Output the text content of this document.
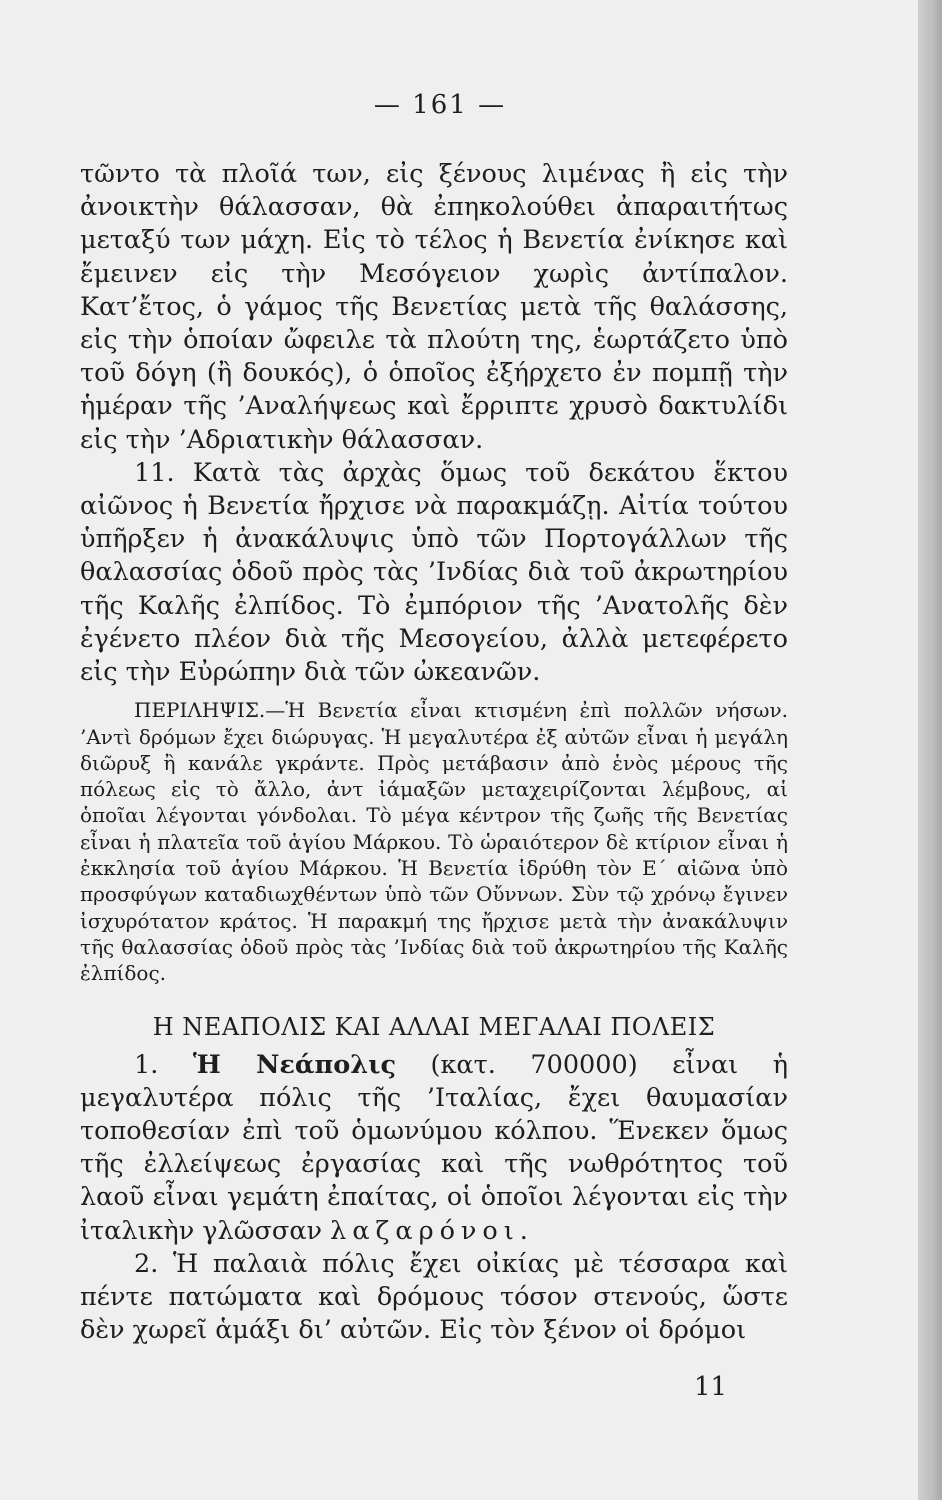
— 161 —

τῶντο τὰ πλοῖά των, εἰς ξένους λιμένας ἢ εἰς τὴν ἀνοικτὴν θάλασσαν, θὰ ἐπηκολούθει ἀπαραιτήτως μεταξύ των μάχη. Εἰς τὸ τέλος ἡ Βενετία ἐνίκησε καὶ ἔμεινεν εἰς τὴν Μεσόγειον χωρὶς ἀντίπαλον. Κατ’ἔτος, ὁ γάμος τῆς Βενετίας μετὰ τῆς θαλάσσης, εἰς τὴν ὁποίαν ὤφειλε τὰ πλούτη της, ἑωρτάζετο ὑπὸ τοῦ δόγη (ἢ δουκός), ὁ ὁποῖος ἐξήρχετο ἐν πομπῇ τὴν ἡμέραν τῆς ’Αναλήψεως καὶ ἔρριπτε χρυσὸ δακτυλίδι εἰς τὴν ’Αδριατικὴν θάλασσαν.

11. Κατὰ τὰς ἀρχὰς ὅμως τοῦ δεκάτου ἕκτου αἰῶνος ἡ Βενετία ἤρχισε νὰ παρακμάζῃ. Αἰτία τούτου ὑπῆρξεν ἡ ἀνακάλυψις ὑπὸ τῶν Πορτογάλλων τῆς θαλασσίας ὁδοῦ πρὸς τὰς ’Ινδίας διὰ τοῦ ἀκρωτηρίου τῆς Καλῆς ἐλπίδος. Τὸ ἐμπόριον τῆς ’Ανατολῆς δὲν ἐγένετο πλέον διὰ τῆς Μεσογείου, ἀλλὰ μετεφέρετο εἰς τὴν Εὐρώπην διὰ τῶν ὠκεανῶν.

ΠΕΡΙΛΗΨΙΣ.—Ἡ Βενετία εἶναι κτισμένη ἐπὶ πολλῶν νήσων. ’Αντὶ δρόμων ἔχει διώρυγας. Ἡ μεγαλυτέρα ἐξ αὐτῶν εἶναι ἡ μεγάλη διῶρυξ ἢ κανάλε γκράντε. Πρὸς μετάβασιν ἀπὸ ἑνὸς μέρους τῆς πόλεως εἰς τὸ ἄλλο, ἀντ ἰάμαξῶν μεταχειρίζονται λέμβους, αἱ ὁποῖαι λέγονται γόνδολαι. Τὸ μέγα κέντρον τῆς ζωῆς τῆς Βενετίας εἶναι ἡ πλατεῖα τοῦ ἁγίου Μάρκου. Τὸ ὡραιότερον δὲ κτίριον εἶναι ἡ ἐκκλησία τοῦ ἁγίου Μάρκου. Ἡ Βενετία ἱδρύθη τὸν Ε΄ αἰῶνα ὑπὸ προσφύγων καταδιωχθέντων ὑπὸ τῶν Οὔννων. Σὺν τῷ χρόνῳ ἔγινεν ἰσχυρότατον κράτος. Ἡ παρακμή της ἤρχισε μετὰ τὴν ἀνακάλυψιν τῆς θαλασσίας ὁδοῦ πρὸς τὰς ’Ινδίας διὰ τοῦ ἀκρωτηρίου τῆς Καλῆς ἐλπίδος.

Η ΝΕΑΠΟΛΙΣ ΚΑΙ ΑΛΛΑΙ ΜΕΓΑΛΑΙ ΠΟΛΕΙΣ

1. Ἡ Νεάπολις (κατ. 700000) εἶναι ἡ μεγαλυτέρα πόλις τῆς ’Ιταλίας, ἔχει θαυμασίαν τοποθεσίαν ἐπὶ τοῦ ὁμωνύμου κόλπου. Ἕνεκεν ὅμως τῆς ἐλλείψεως ἐργασίας καὶ τῆς νωθρότητος τοῦ λαοῦ εἶναι γεμάτη ἐπαίτας, οἱ ὁποῖοι λέγονται εἰς τὴν ἰταλικὴν γλῶσσαν λαζαρόνοι.

2. Ἡ παλαιὰ πόλις ἔχει οἰκίας μὲ τέσσαρα καὶ πέντε πατώματα καὶ δρόμους τόσον στενούς, ὥστε δὲν χωρεῖ ἁμάξι δι’ αὐτῶν. Εἰς τὸν ξένον οἱ δρόμοι

11
